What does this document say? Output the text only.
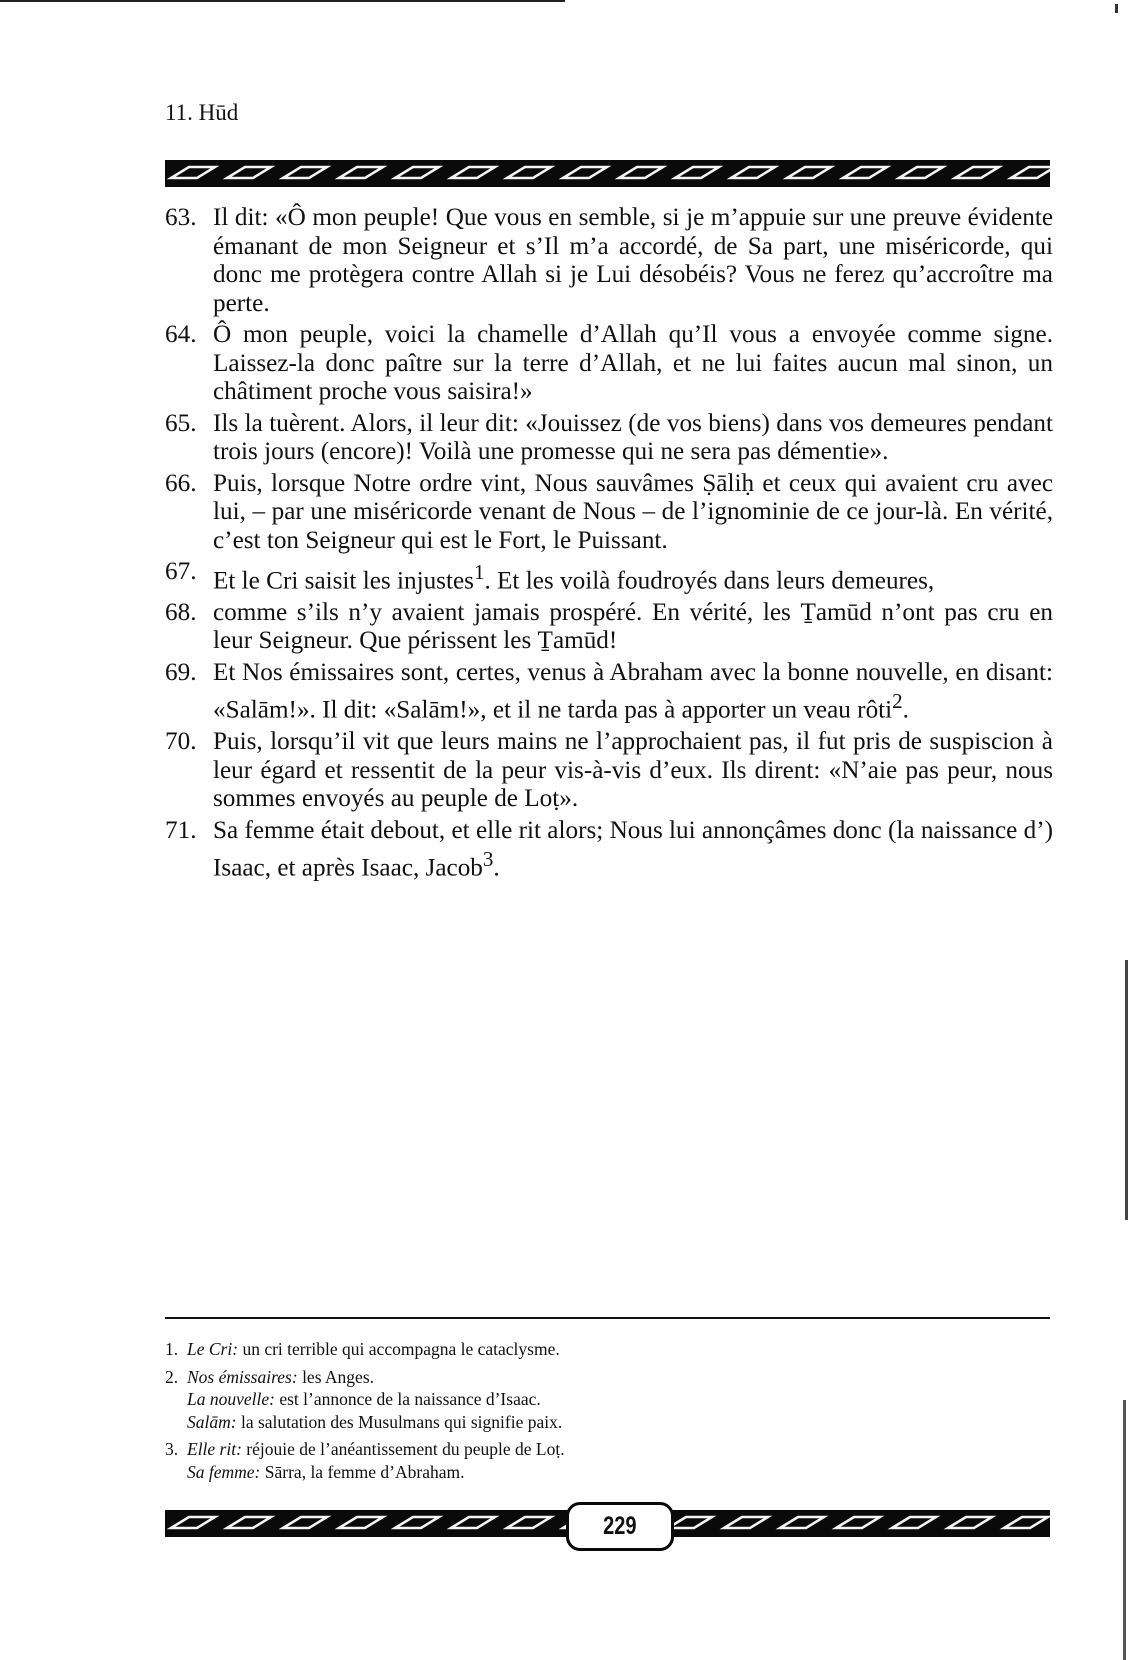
11. Hūd
63. Il dit: «Ô mon peuple! Que vous en semble, si je m’appuie sur une preuve évidente émanant de mon Seigneur et s’Il m’a accordé, de Sa part, une miséricorde, qui donc me protègera contre Allah si je Lui désobéis? Vous ne ferez qu’accroître ma perte.
64. Ô mon peuple, voici la chamelle d’Allah qu’Il vous a envoyée comme signe. Laissez-la donc paître sur la terre d’Allah, et ne lui faites aucun mal sinon, un châtiment proche vous saisira!»
65. Ils la tuèrent. Alors, il leur dit: «Jouissez (de vos biens) dans vos demeures pendant trois jours (encore)! Voilà une promesse qui ne sera pas démentie».
66. Puis, lorsque Notre ordre vint, Nous sauvâmes Ṣāliḥ et ceux qui avaient cru avec lui, – par une miséricorde venant de Nous – de l’ignominie de ce jour-là. En vérité, c’est ton Seigneur qui est le Fort, le Puissant.
67. Et le Cri saisit les injustes$^1$. Et les voilà foudroyés dans leurs demeures,
68. comme s’ils n’y avaient jamais prospéré. En vérité, les Ṯamūd n’ont pas cru en leur Seigneur. Que périssent les Ṯamūd!
69. Et Nos émissaires sont, certes, venus à Abraham avec la bonne nouvelle, en disant: «Salām!». Il dit: «Salām!», et il ne tarda pas à apporter un veau rôti$^2$.
70. Puis, lorsqu’il vit que leurs mains ne l’approchaient pas, il fut pris de suspiscion à leur égard et ressentit de la peur vis-à-vis d’eux. Ils dirent: «N’aie pas peur, nous sommes envoyés au peuple de Loṭ».
71. Sa femme était debout, et elle rit alors; Nous lui annonçâmes donc (la naissance d’) Isaac, et après Isaac, Jacob$^3$.
1. Le Cri: un cri terrible qui accompagna le cataclysme.
2. Nos émissaires: les Anges.
La nouvelle: est l’annonce de la naissance d’Isaac.
Salām: la salutation des Musulmans qui signifie paix.
3. Elle rit: réjouie de l’anéantissement du peuple de Loṭ.
Sa femme: Sārra, la femme d’Abraham.
229
